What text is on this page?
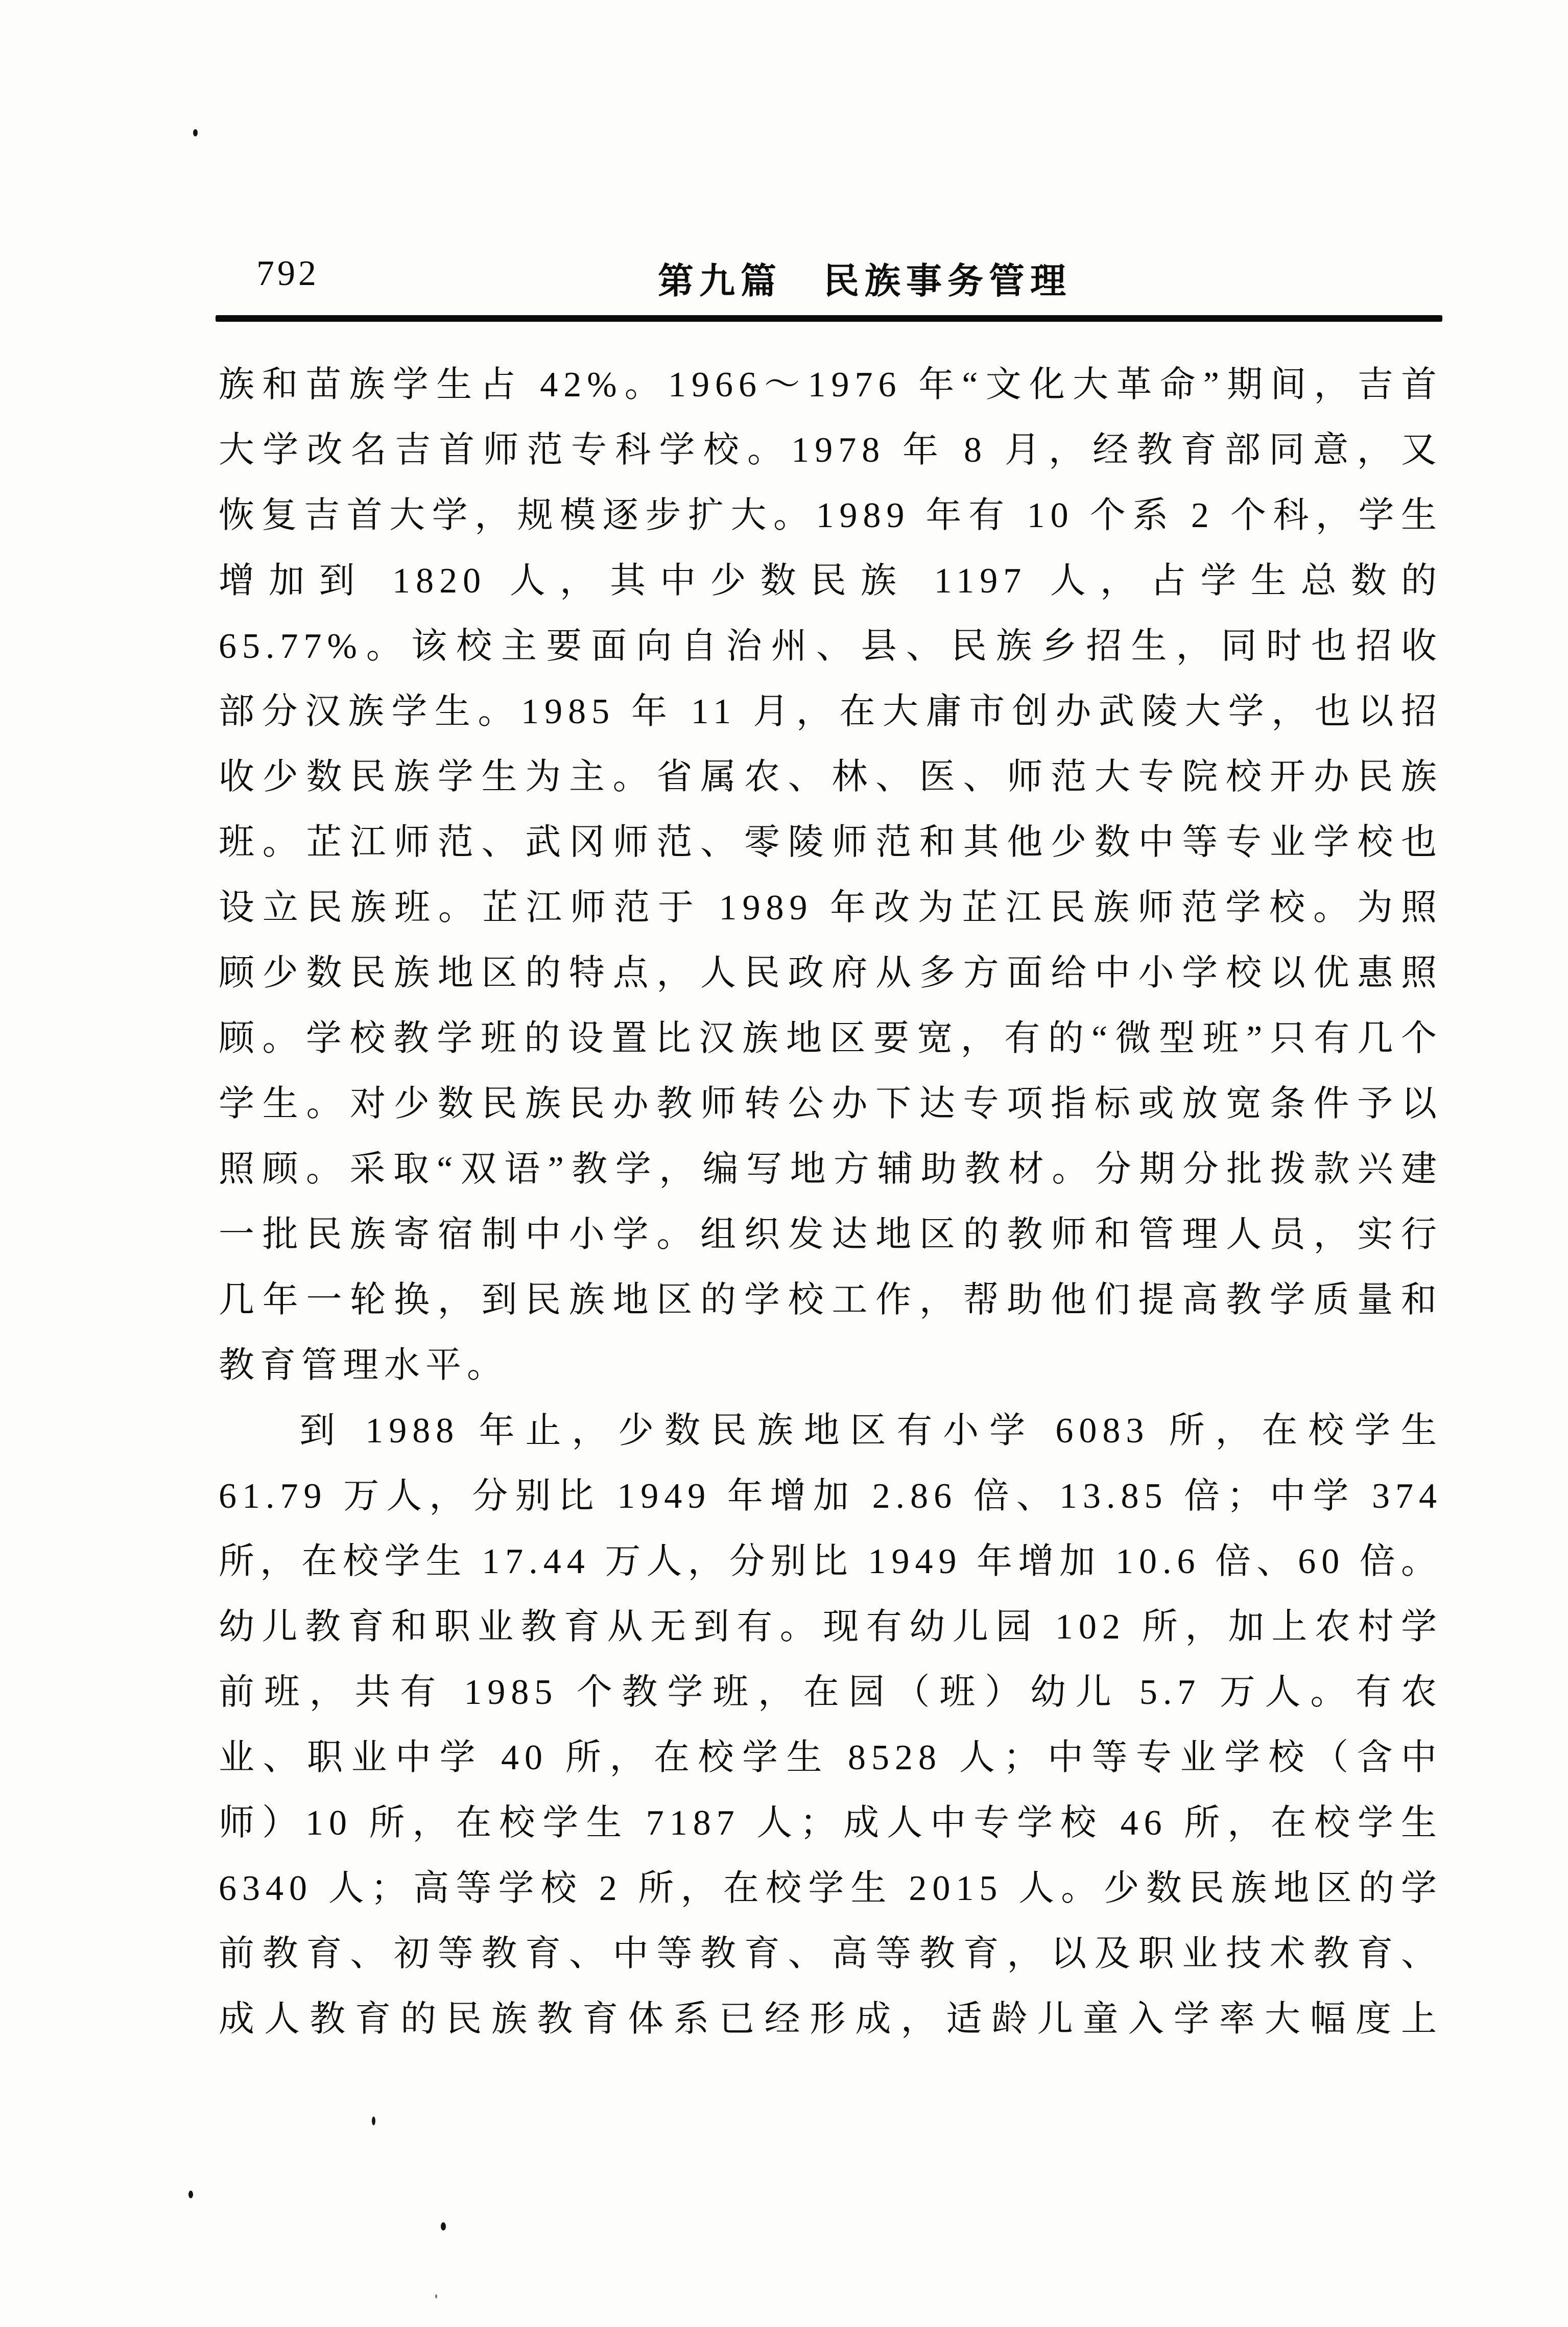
792	第九篇　民族事务管理
族和苗族学生占 42%。1966～1976 年“文化大革命”期间，吉首
大学改名吉首师范专科学校。1978 年 8 月，经教育部同意，又
恢复吉首大学，规模逐步扩大。1989 年有 10 个系 2 个科，学生
增加到 1820 人，其中少数民族 1197 人，占学生总数的
65.77%。该校主要面向自治州、县、民族乡招生，同时也招收
部分汉族学生。1985 年 11 月，在大庸市创办武陵大学，也以招
收少数民族学生为主。省属农、林、医、师范大专院校开办民族
班。芷江师范、武冈师范、零陵师范和其他少数中等专业学校也
设立民族班。芷江师范于 1989 年改为芷江民族师范学校。为照
顾少数民族地区的特点，人民政府从多方面给中小学校以优惠照
顾。学校教学班的设置比汉族地区要宽，有的“微型班”只有几个
学生。对少数民族民办教师转公办下达专项指标或放宽条件予以
照顾。采取“双语”教学，编写地方辅助教材。分期分批拨款兴建
一批民族寄宿制中小学。组织发达地区的教师和管理人员，实行
几年一轮换，到民族地区的学校工作，帮助他们提高教学质量和
教育管理水平。
到 1988 年止，少数民族地区有小学 6083 所，在校学生
61.79 万人，分别比 1949 年增加 2.86 倍、13.85 倍；中学 374
所，在校学生 17.44 万人，分别比 1949 年增加 10.6 倍、60 倍。
幼儿教育和职业教育从无到有。现有幼儿园 102 所，加上农村学
前班，共有 1985 个教学班，在园（班）幼儿 5.7 万人。有农
业、职业中学 40 所，在校学生 8528 人；中等专业学校（含中
师）10 所，在校学生 7187 人；成人中专学校 46 所，在校学生
6340 人；高等学校 2 所，在校学生 2015 人。少数民族地区的学
前教育、初等教育、中等教育、高等教育，以及职业技术教育、
成人教育的民族教育体系已经形成，适龄儿童入学率大幅度上
